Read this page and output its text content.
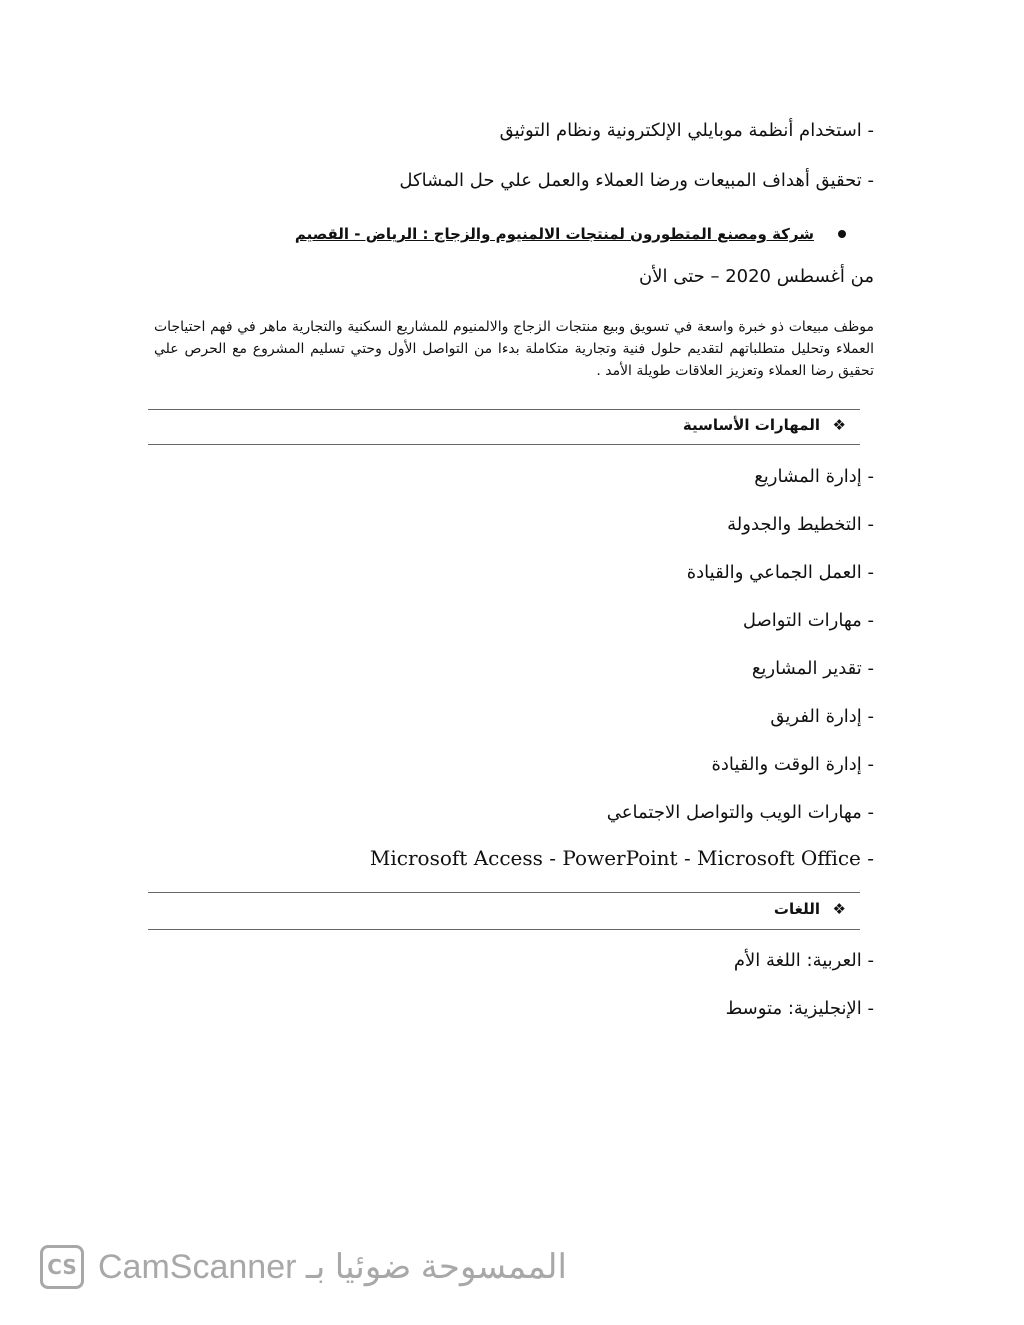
- استخدام أنظمة موبايلي الإلكترونية ونظام التوثيق
- تحقيق أهداف المبيعات ورضا العملاء والعمل علي حل المشاكل
شركة ومصنع المتطورون لمنتجات الالمنيوم والزجاج : الرياض - القصيم
من أغسطس 2020 – حتى الأن
موظف مبيعات ذو خبرة واسعة في تسويق وبيع منتجات الزجاج والالمنيوم للمشاريع السكنية والتجارية ماهر في فهم احتياجات العملاء وتحليل متطلباتهم لتقديم حلول فنية وتجارية متكاملة بدءا من التواصل الأول وحتي تسليم المشروع مع الحرص علي تحقيق رضا العملاء وتعزيز العلاقات طويلة الأمد .
❖المهارات الأساسية
- إدارة المشاريع
- التخطيط والجدولة
- العمل الجماعي والقيادة
- مهارات التواصل
- تقدير المشاريع
- إدارة الفريق
- إدارة الوقت والقيادة
- مهارات الويب والتواصل الاجتماعي
Microsoft Access - PowerPoint - Microsoft Office -
❖اللغات
- العربية: اللغة الأم
- الإنجليزية: متوسط
CS الممسوحة ضوئيا بـ CamScanner
